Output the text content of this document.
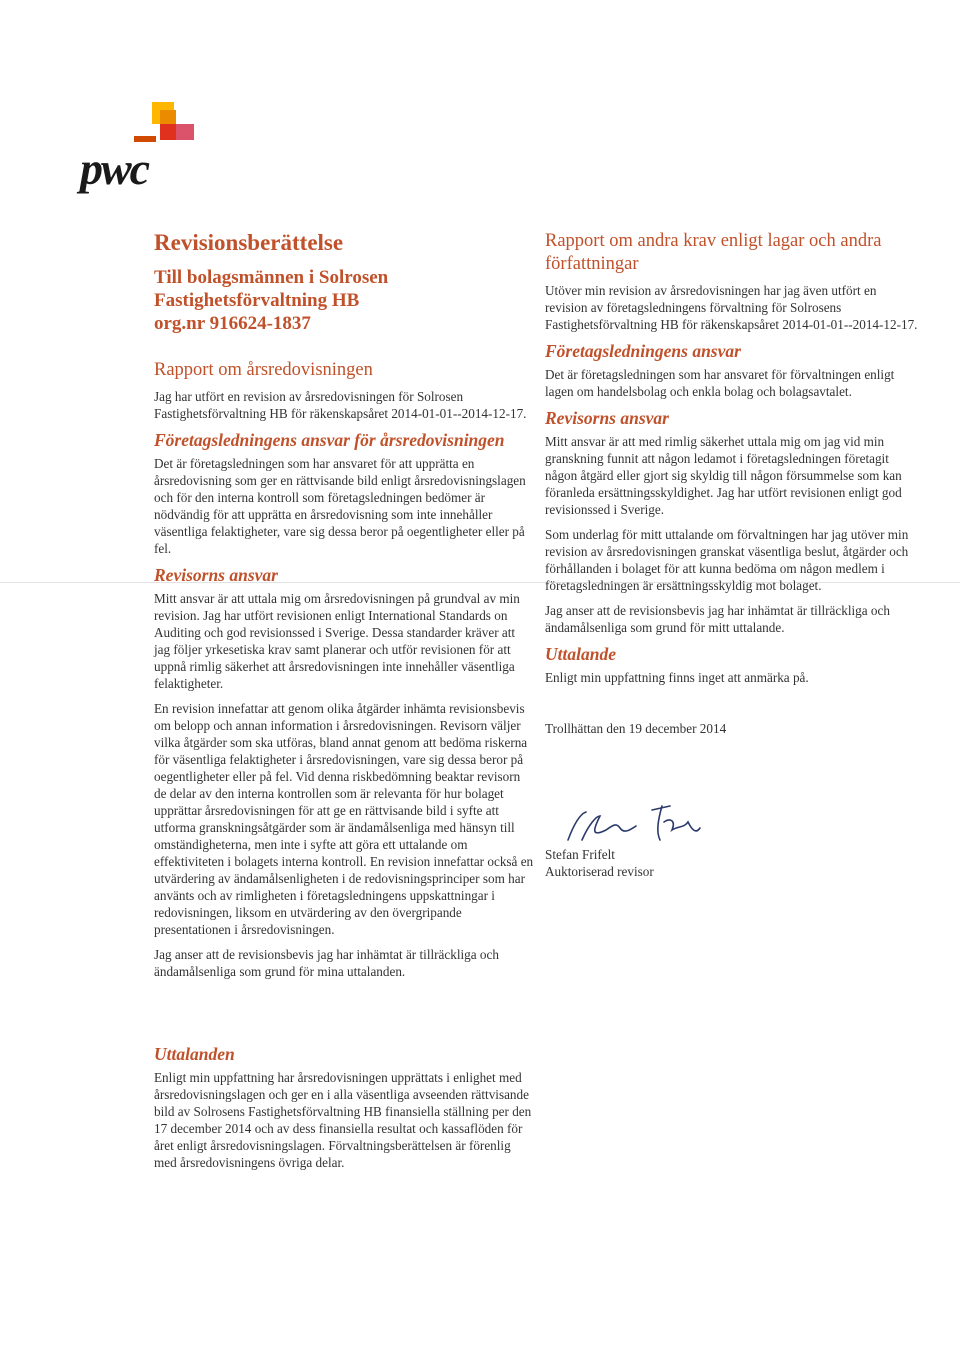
pwc
Revisionsberättelse

Till bolagsmännen i Solrosen

Fastighetsförvaltning HB

org.nr 916624-1837

Rapport om årsredovisningen

Jag har utfört en revision av årsredovisningen för Solrosen Fastighetsförvaltning HB för räkenskapsåret 2014-01-01--2014-12-17.

Företagsledningens ansvar för årsredovisningen

Det är företagsledningen som har ansvaret för att upprätta en årsredovisning som ger en rättvisande bild enligt årsredovisningslagen och för den interna kontroll som företagsledningen bedömer är nödvändig för att upprätta en årsredovisning som inte innehåller väsentliga felaktigheter, vare sig dessa beror på oegentligheter eller på fel.

Revisorns ansvar

Mitt ansvar är att uttala mig om årsredovisningen på grundval av min revision. Jag har utfört revisionen enligt International Standards on Auditing och god revisionssed i Sverige. Dessa standarder kräver att jag följer yrkesetiska krav samt planerar och utför revisionen för att uppnå rimlig säkerhet att årsredovisningen inte innehåller väsentliga felaktigheter.

En revision innefattar att genom olika åtgärder inhämta revisionsbevis om belopp och annan information i årsredovisningen. Revisorn väljer vilka åtgärder som ska utföras, bland annat genom att bedöma riskerna för väsentliga felaktigheter i årsredovisningen, vare sig dessa beror på oegentligheter eller på fel. Vid denna riskbedömning beaktar revisorn de delar av den interna kontrollen som är relevanta för hur bolaget upprättar årsredovisningen för att ge en rättvisande bild i syfte att utforma granskningsåtgärder som är ändamålsenliga med hänsyn till omständigheterna, men inte i syfte att göra ett uttalande om effektiviteten i bolagets interna kontroll. En revision innefattar också en utvärdering av ändamålsenligheten i de redovisningsprinciper som har använts och av rimligheten i företagsledningens uppskattningar i redovisningen, liksom en utvärdering av den övergripande presentationen i årsredovisningen.

Jag anser att de revisionsbevis jag har inhämtat är tillräckliga och ändamålsenliga som grund för mina uttalanden.

Uttalanden

Enligt min uppfattning har årsredovisningen upprättats i enlighet med årsredovisningslagen och ger en i alla väsentliga avseenden rättvisande bild av Solrosens Fastighetsförvaltning HB finansiella ställning per den 17 december 2014 och av dess finansiella resultat och kassaflöden för året enligt årsredovisningslagen. Förvaltningsberättelsen är förenlig med årsredovisningens övriga delar.

Rapport om andra krav enligt lagar och andra författningar

Utöver min revision av årsredovisningen har jag även utfört en revision av företagsledningens förvaltning för Solrosens Fastighetsförvaltning HB för räkenskapsåret 2014-01-01--2014-12-17.

Företagsledningens ansvar

Det är företagsledningen som har ansvaret för förvaltningen enligt lagen om handelsbolag och enkla bolag och bolagsavtalet.

Revisorns ansvar

Mitt ansvar är att med rimlig säkerhet uttala mig om jag vid min granskning funnit att någon ledamot i företagsledningen företagit någon åtgärd eller gjort sig skyldig till någon försummelse som kan föranleda ersättningsskyldighet. Jag har utfört revisionen enligt god revisionssed i Sverige.

Som underlag för mitt uttalande om förvaltningen har jag utöver min revision av årsredovisningen granskat väsentliga beslut, åtgärder och förhållanden i bolaget för att kunna bedöma om någon medlem i företagsledningen är ersättningsskyldig mot bolaget.

Jag anser att de revisionsbevis jag har inhämtat är tillräckliga och ändamålsenliga som grund för mitt uttalande.

Uttalande

Enligt min uppfattning finns inget att anmärka på.

Trollhättan den 19 december 2014

Stefan Frifelt
Auktoriserad revisor
